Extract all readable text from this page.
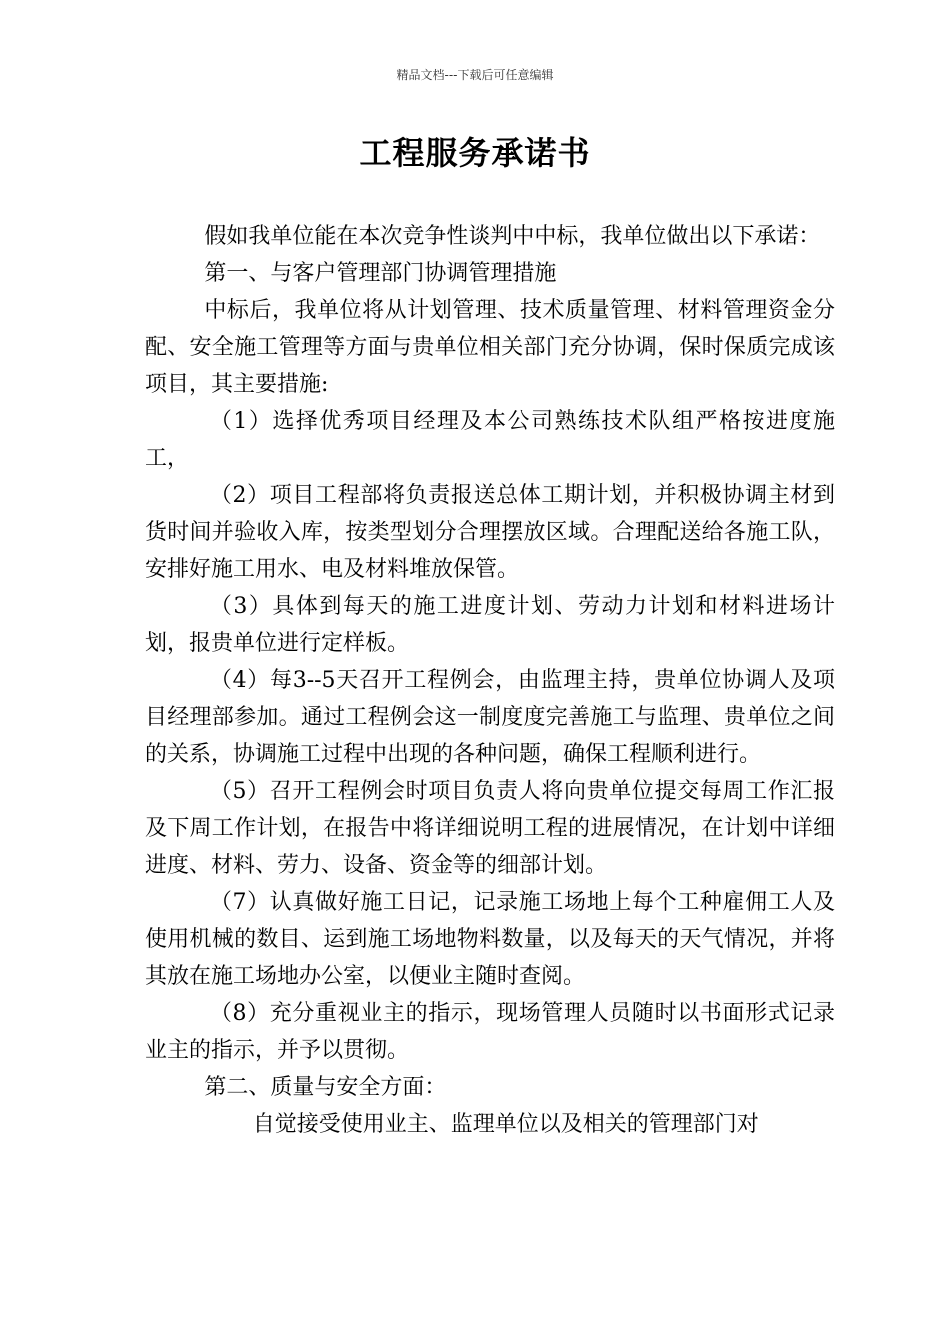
精品文档---下载后可任意编辑
工程服务承诺书

假如我单位能在本次竞争性谈判中中标，我单位做出以下承诺：

第一、与客户管理部门协调管理措施

中标后，我单位将从计划管理、技术质量管理、材料管理资金分配、安全施工管理等方面与贵单位相关部门充分协调，保时保质完成该项目，其主要措施:

（1）选择优秀项目经理及本公司熟练技术队组严格按进度施工，

（2）项目工程部将负责报送总体工期计划，并积极协调主材到货时间并验收入库，按类型划分合理摆放区域。合理配送给各施工队，安排好施工用水、电及材料堆放保管。

（3）具体到每天的施工进度计划、劳动力计划和材料进场计划，报贵单位进行定样板。

（4）每3--5天召开工程例会，由监理主持，贵单位协调人及项目经理部参加。通过工程例会这一制度度完善施工与监理、贵单位之间的关系，协调施工过程中出现的各种问题，确保工程顺利进行。

（5）召开工程例会时项目负责人将向贵单位提交每周工作汇报及下周工作计划，在报告中将详细说明工程的进展情况，在计划中详细进度、材料、劳力、设备、资金等的细部计划。

（7）认真做好施工日记，记录施工场地上每个工种雇佣工人及使用机械的数目、运到施工场地物料数量，以及每天的天气情况，并将其放在施工场地办公室，以便业主随时查阅。

（8）充分重视业主的指示，现场管理人员随时以书面形式记录业主的指示，并予以贯彻。

第二、质量与安全方面：

自觉接受使用业主、监理单位以及相关的管理部门对
